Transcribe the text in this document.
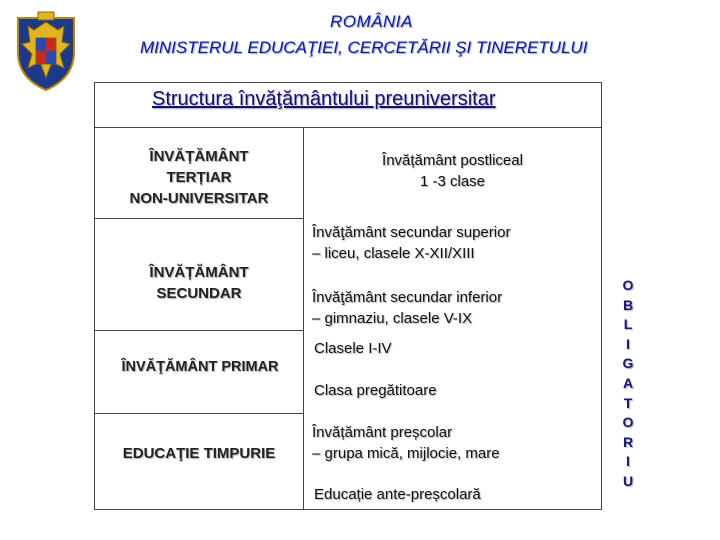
ROMÂNIA
MINISTERUL EDUCAŢIEI, CERCETĂRII ŞI TINERETULUI
Structura învăţământului preuniversitar
ÎNVĂȚĂMÂNT
TERȚIAR
NON-UNIVERSITAR
ÎNVĂȚĂMÂNT
SECUNDAR
ÎNVĂŢĂMÂNT PRIMAR
EDUCAŢIE TIMPURIE
Învățământ postliceal
1 -3 clase
Învăţământ secundar superior
– liceu, clasele X-XII/XIII
Învăţământ secundar inferior
– gimnaziu, clasele V-IX
Clasele I-IV
Clasa pregătitoare
Învățământ preșcolar
– grupa mică, mijlocie, mare
Educație ante-preșcolară
O
B
L
I
G
A
T
O
R
I
U
